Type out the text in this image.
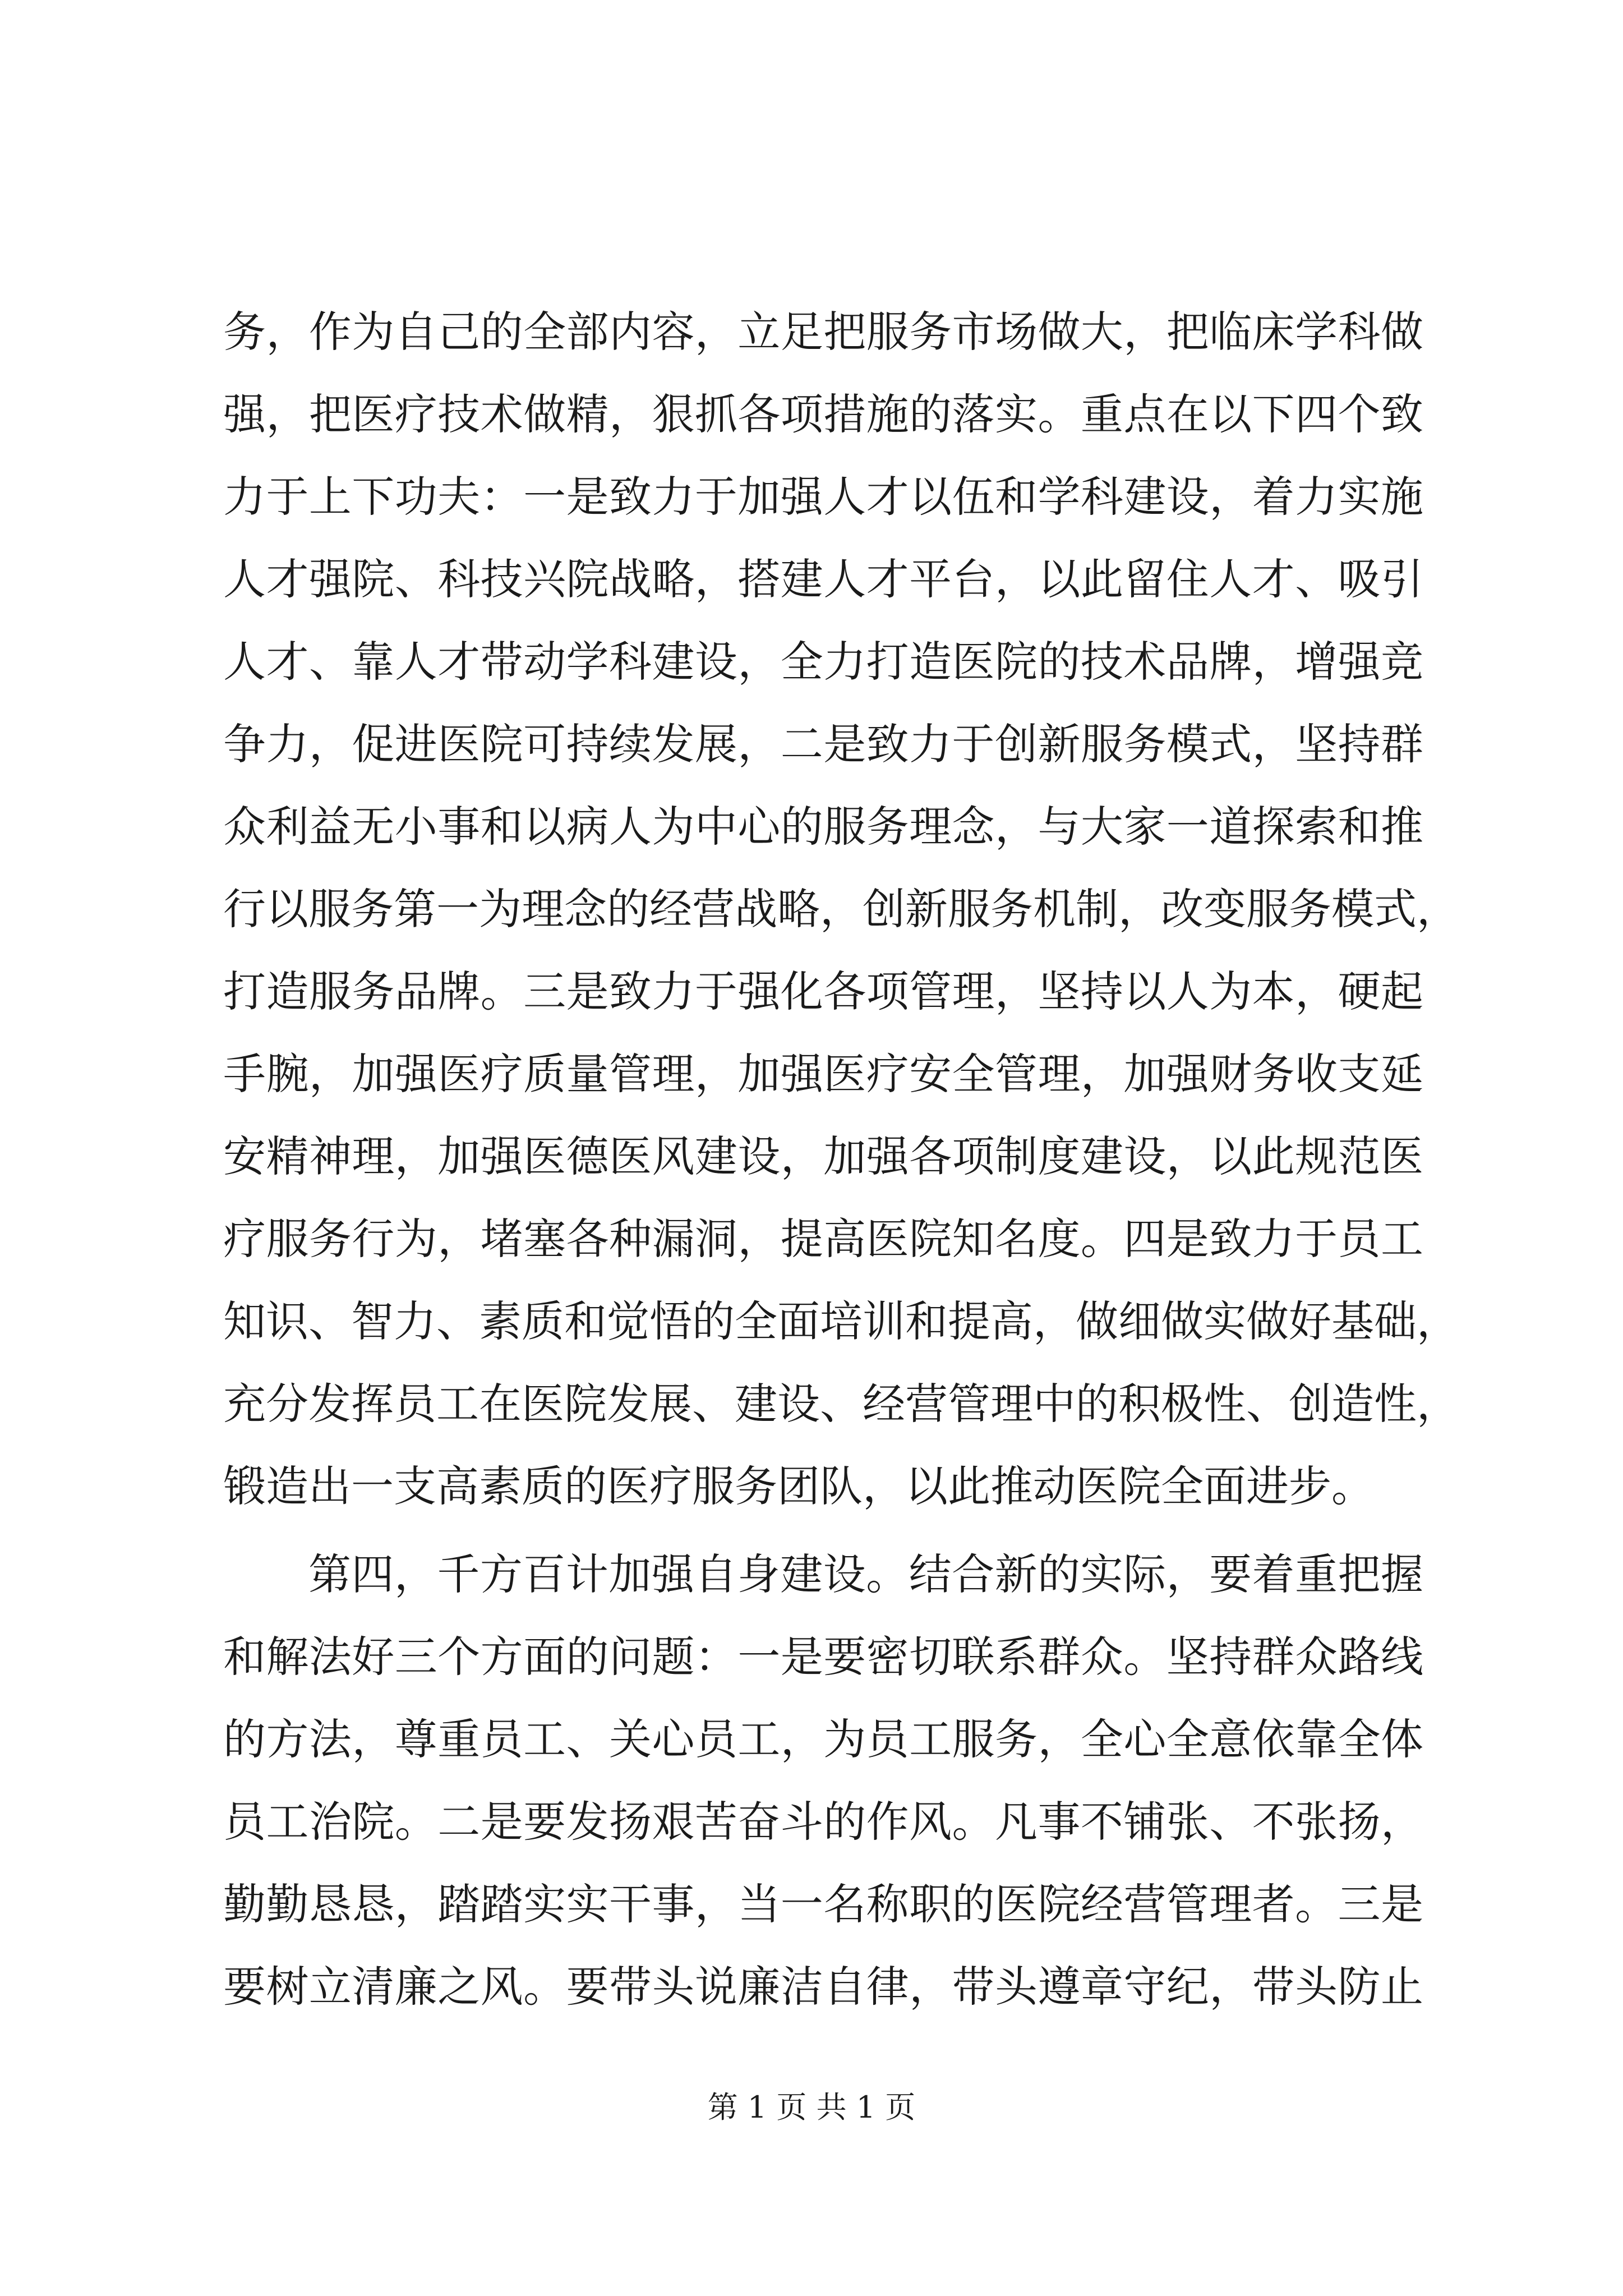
务，作为自己的全部内容，立足把服务市场做大，把临床学科做
强，把医疗技术做精，狠抓各项措施的落实。重点在以下四个致
力于上下功夫：一是致力于加强人才以伍和学科建设，着力实施
人才强院、科技兴院战略，搭建人才平台，以此留住人才、吸引
人才、靠人才带动学科建设，全力打造医院的技术品牌，增强竞
争力，促进医院可持续发展，二是致力于创新服务模式，坚持群
众利益无小事和以病人为中心的服务理念，与大家一道探索和推
行以服务第一为理念的经营战略，创新服务机制，改变服务模式，
打造服务品牌。三是致力于强化各项管理，坚持以人为本，硬起
手腕，加强医疗质量管理，加强医疗安全管理，加强财务收支延
安精神理，加强医德医风建设，加强各项制度建设，以此规范医
疗服务行为，堵塞各种漏洞，提高医院知名度。四是致力于员工
知识、智力、素质和觉悟的全面培训和提高，做细做实做好基础，
充分发挥员工在医院发展、建设、经营管理中的积极性、创造性，
锻造出一支高素质的医疗服务团队，以此推动医院全面进步。
第四，千方百计加强自身建设。结合新的实际，要着重把握
和解法好三个方面的问题：一是要密切联系群众。坚持群众路线
的方法，尊重员工、关心员工，为员工服务，全心全意依靠全体
员工治院。二是要发扬艰苦奋斗的作风。凡事不铺张、不张扬，
勤勤恳恳，踏踏实实干事，当一名称职的医院经营管理者。三是
要树立清廉之风。要带头说廉洁自律，带头遵章守纪，带头防止
第 1 页 共 1 页
